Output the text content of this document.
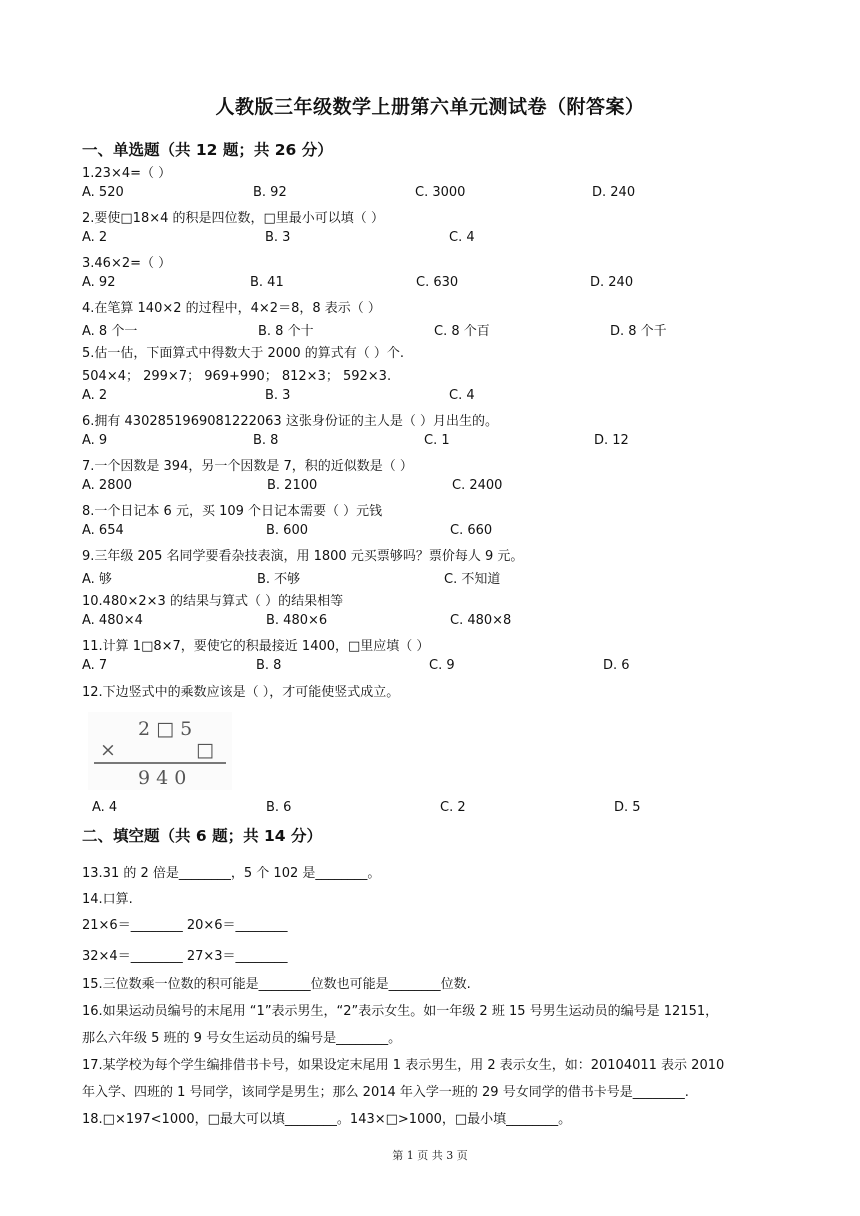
人教版三年级数学上册第六单元测试卷（附答案）
一、单选题（共 12 题；共 26 分）
1.23×4=（ ）
A. 520	B. 92	C. 3000	D. 240
2.要使□18×4 的积是四位数，□里最小可以填（ ）
A. 2	B. 3	C. 4
3.46×2=（ ）
A. 92	B. 41	C. 630	D. 240
4.在笔算 140×2 的过程中，4×2＝8，8 表示（ ）
A. 8 个一	B. 8 个十	C. 8 个百	D. 8 个千
5.估一估，下面算式中得数大于 2000 的算式有（ ）个.
504×4； 299×7； 969+990； 812×3； 592×3.
A. 2	B. 3	C. 4
6.拥有 430285196908​1222063 这张身份证的主人是（ ）月出生的。
A. 9	B. 8	C. 1	D. 12
7.一个因数是 394，另一个因数是 7，积的近似数是（ ）
A. 2800	B. 2100	C. 2400
8.一个日记本 6 元，买 109 个日记本需要（ ）元钱
A. 654	B. 600	C. 660
9.三年级 205 名同学要看杂技表演，用 1800 元买票够吗？票价每人 9 元。
A. 够	B. 不够	C. 不知道
10.480×2×3 的结果与算式（ ）的结果相等
A. 480×4	B. 480×6	C. 480×8
11.计算 1□8×7，要使它的积最接近 1400，□里应填（ ）
A. 7	B. 8	C. 9	D. 6
12.下边竖式中的乘数应该是（ ），才可能使竖式成立。
2 □ 5
×	□
9 4 0
A. 4	B. 6	C. 2	D. 5
二、填空题（共 6 题；共 14 分）
13.31 的 2 倍是________，5 个 102 是________。
14.口算.
21×6＝________ 20×6＝________
32×4＝________ 27×3＝________
15.三位数乘一位数的积可能是________位数也可能是________位数.
16.如果运动员编号的末尾用 “1”表示男生，“2”表示女生。如一年级 2 班 15 号男生运动员的编号是 12151，
那么六年级 5 班的 9 号女生运动员的编号是________。
17.某学校为每个学生编排借书卡号，如果设定末尾用 1 表示男生，用 2 表示女生，如：20104011 表示 2010
年入学、四班的 1 号同学，该同学是男生；那么 2014 年入学一班的 29 号女同学的借书卡号是________.
18.□×197<1000，□最大可以填________。143×□>1000，□最小填________。
第 1 页 共 3 页
